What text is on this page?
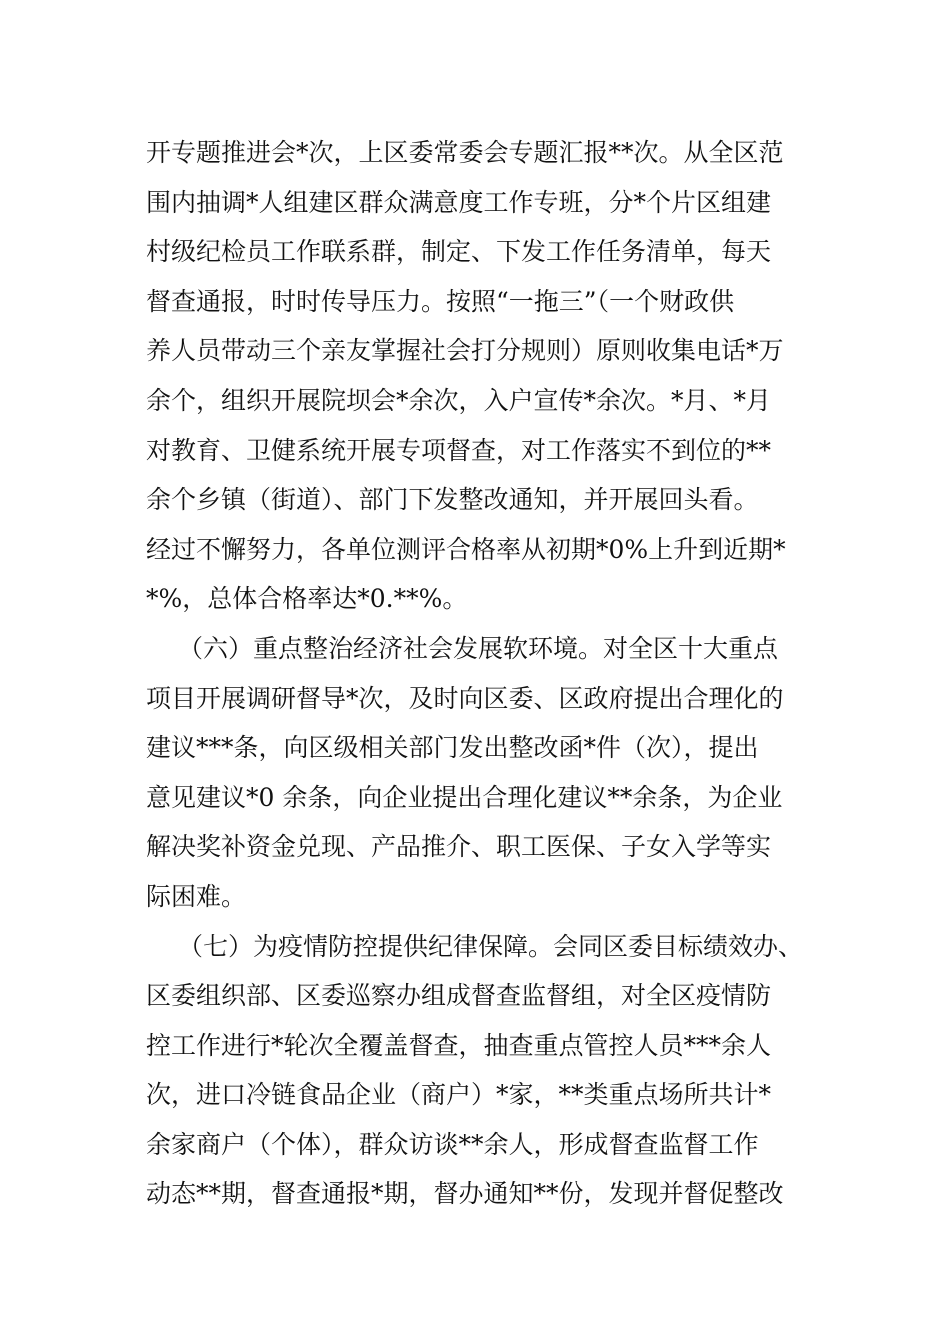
开专题推进会*次，上区委常委会专题汇报**次。从全区范
围内抽调*人组建区群众满意度工作专班，分*个片区组建
村级纪检员工作联系群，制定、下发工作任务清单，每天
督查通报，时时传导压力。按照“一拖三”（一个财政供
养人员带动三个亲友掌握社会打分规则）原则收集电话*万
余个，组织开展院坝会*余次，入户宣传*余次。*月、*月
对教育、卫健系统开展专项督查，对工作落实不到位的**
余个乡镇（街道）、部门下发整改通知，并开展回头看。
经过不懈努力，各单位测评合格率从初期*0%上升到近期*
*%，总体合格率达*0.**%。
（六）重点整治经济社会发展软环境。对全区十大重点
项目开展调研督导*次，及时向区委、区政府提出合理化的
建议***条，向区级相关部门发出整改函*件（次），提出
意见建议*0 余条，向企业提出合理化建议**余条，为企业
解决奖补资金兑现、产品推介、职工医保、子女入学等实
际困难。
（七）为疫情防控提供纪律保障。会同区委目标绩效办、
区委组织部、区委巡察办组成督查监督组，对全区疫情防
控工作进行*轮次全覆盖督查，抽查重点管控人员***余人
次，进口冷链食品企业（商户）*家，**类重点场所共计*
余家商户（个体），群众访谈**余人，形成督查监督工作
动态**期，督查通报*期，督办通知**份，发现并督促整改
